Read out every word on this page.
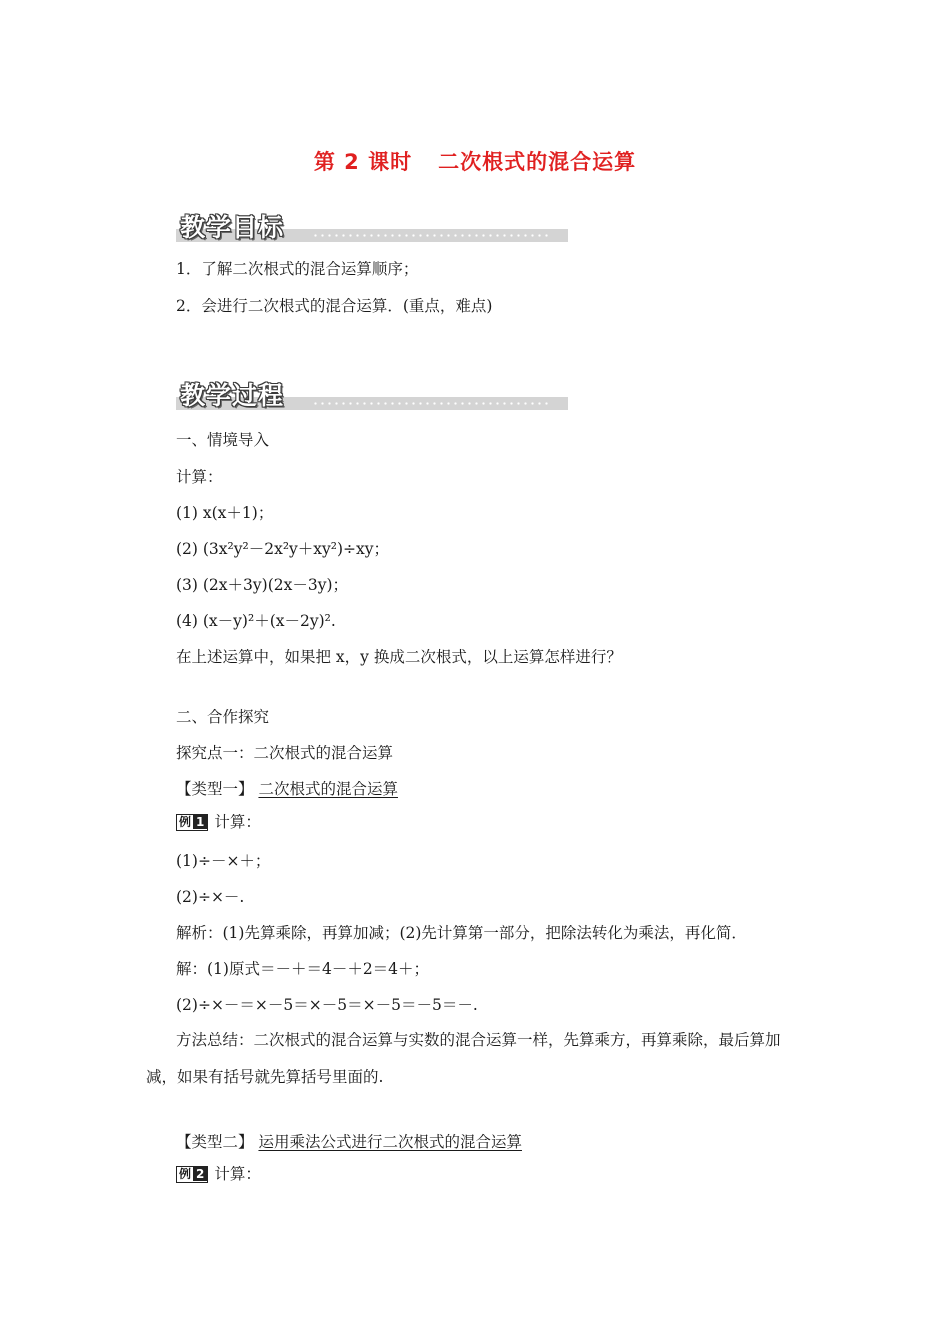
第 2 课时 二次根式的混合运算
教学目标
1．了解二次根式的混合运算顺序；
2．会进行二次根式的混合运算．(重点，难点)
教学过程
一、情境导入
计算：
(1) x(x＋1)；
(2) (3x²y²－2x²y＋xy²)÷xy；
(3) (2x＋3y)(2x－3y)；
(4) (x－y)²＋(x－2y)².
在上述运算中，如果把 x，y 换成二次根式，以上运算怎样进行？
二、合作探究
探究点一：二次根式的混合运算
【类型一】 二次根式的混合运算
例 1 计算：
(1)÷－×＋；
(2)÷×－.
解析：(1)先算乘除，再算加减；(2)先计算第一部分，把除法转化为乘法，再化简．
解：(1)原式＝－＋＝4－＋2＝4＋；
(2)÷×－＝×－5＝×－5＝×－5＝－5＝－.
方法总结：二次根式的混合运算与实数的混合运算一样，先算乘方，再算乘除，最后算加减，如果有括号就先算括号里面的.
【类型二】 运用乘法公式进行二次根式的混合运算
例 2 计算：
